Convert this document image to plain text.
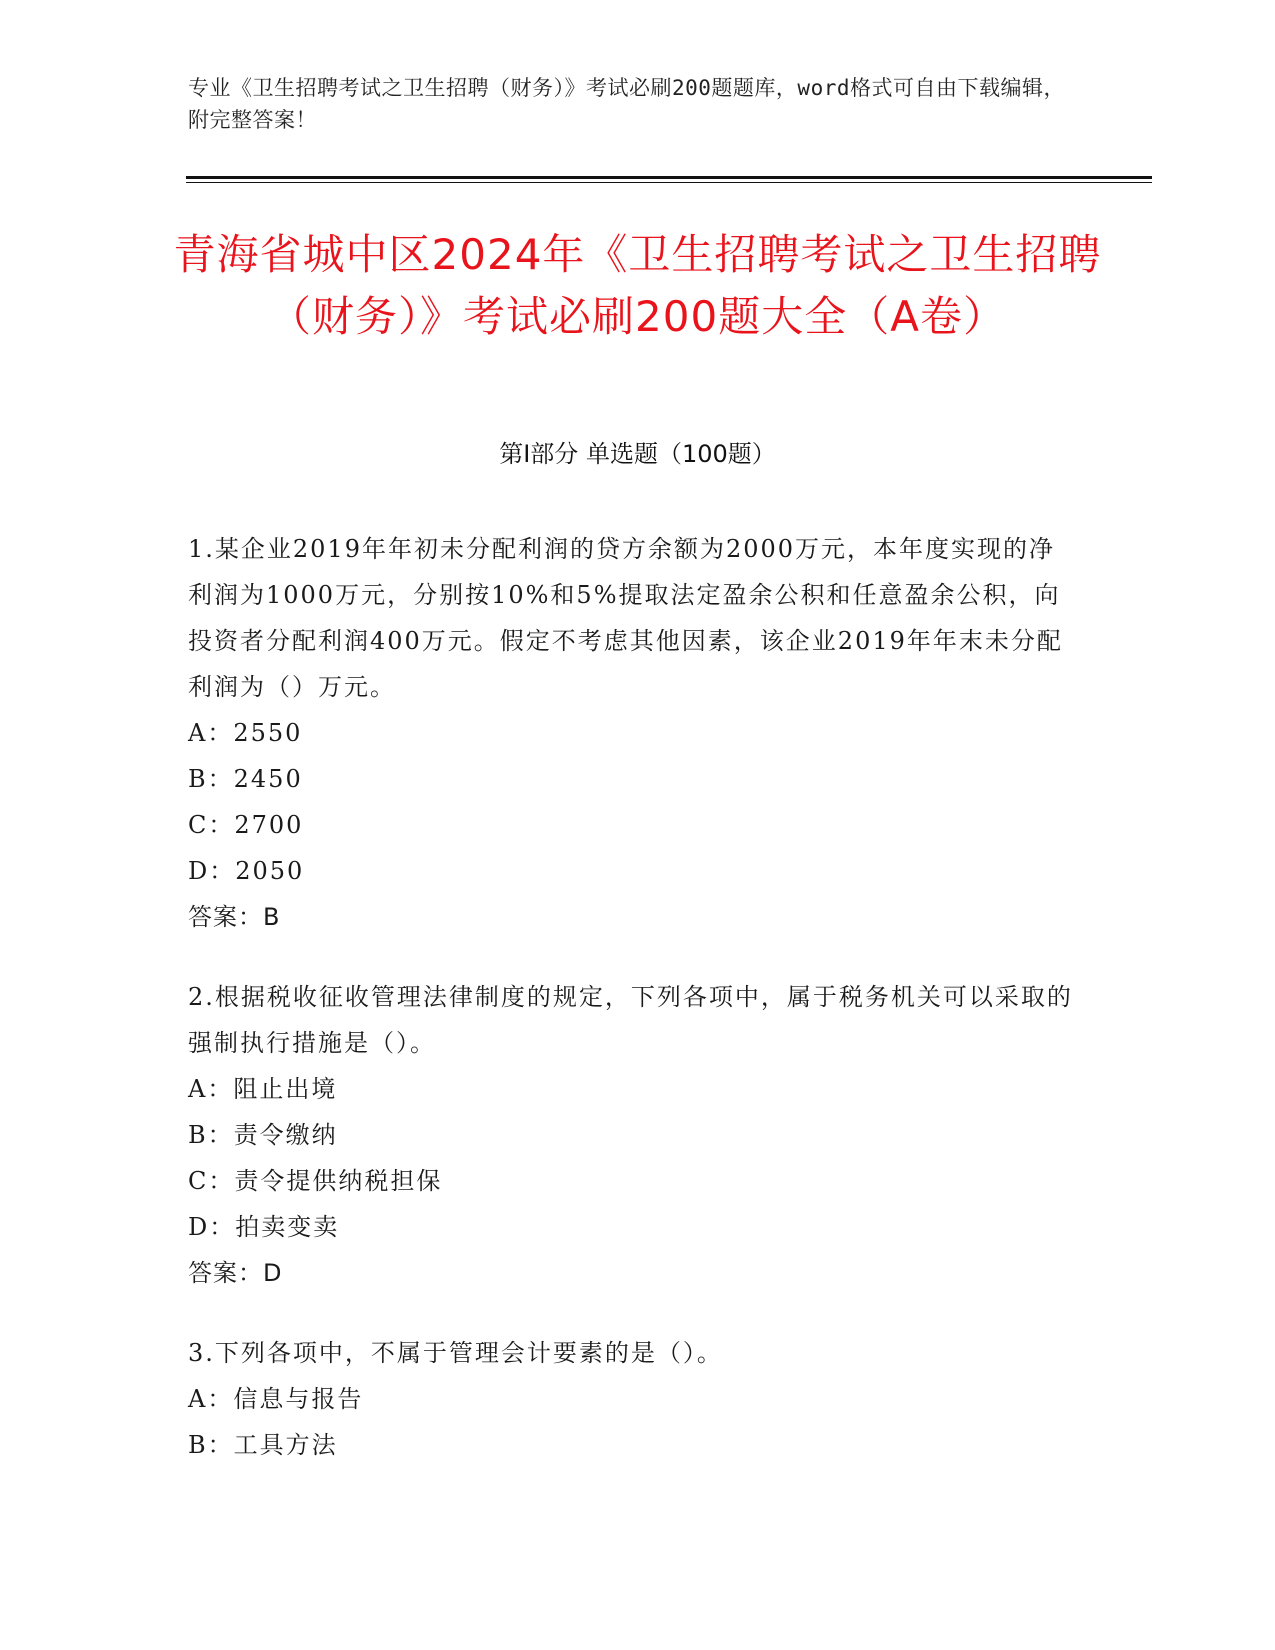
专业《卫生招聘考试之卫生招聘（财务）》考试必刷200题题库，word格式可自由下载编辑，附完整答案！
青海省城中区2024年《卫生招聘考试之卫生招聘（财务）》考试必刷200题大全（A卷）
第Ⅰ部分 单选题（100题）

1.某企业2019年年初未分配利润的贷方余额为2000万元，本年度实现的净利润为1000万元，分别按10%和5%提取法定盈余公积和任意盈余公积，向投资者分配利润400万元。假定不考虑其他因素，该企业2019年年末未分配利润为（）万元。

A：2550

B：2450

C：2700

D：2050

答案：B

2.根据税收征收管理法律制度的规定，下列各项中，属于税务机关可以采取的强制执行措施是（）。

A：阻止出境

B：责令缴纳

C：责令提供纳税担保

D：拍卖变卖

答案：D

3.下列各项中，不属于管理会计要素的是（）。

A：信息与报告

B：工具方法
